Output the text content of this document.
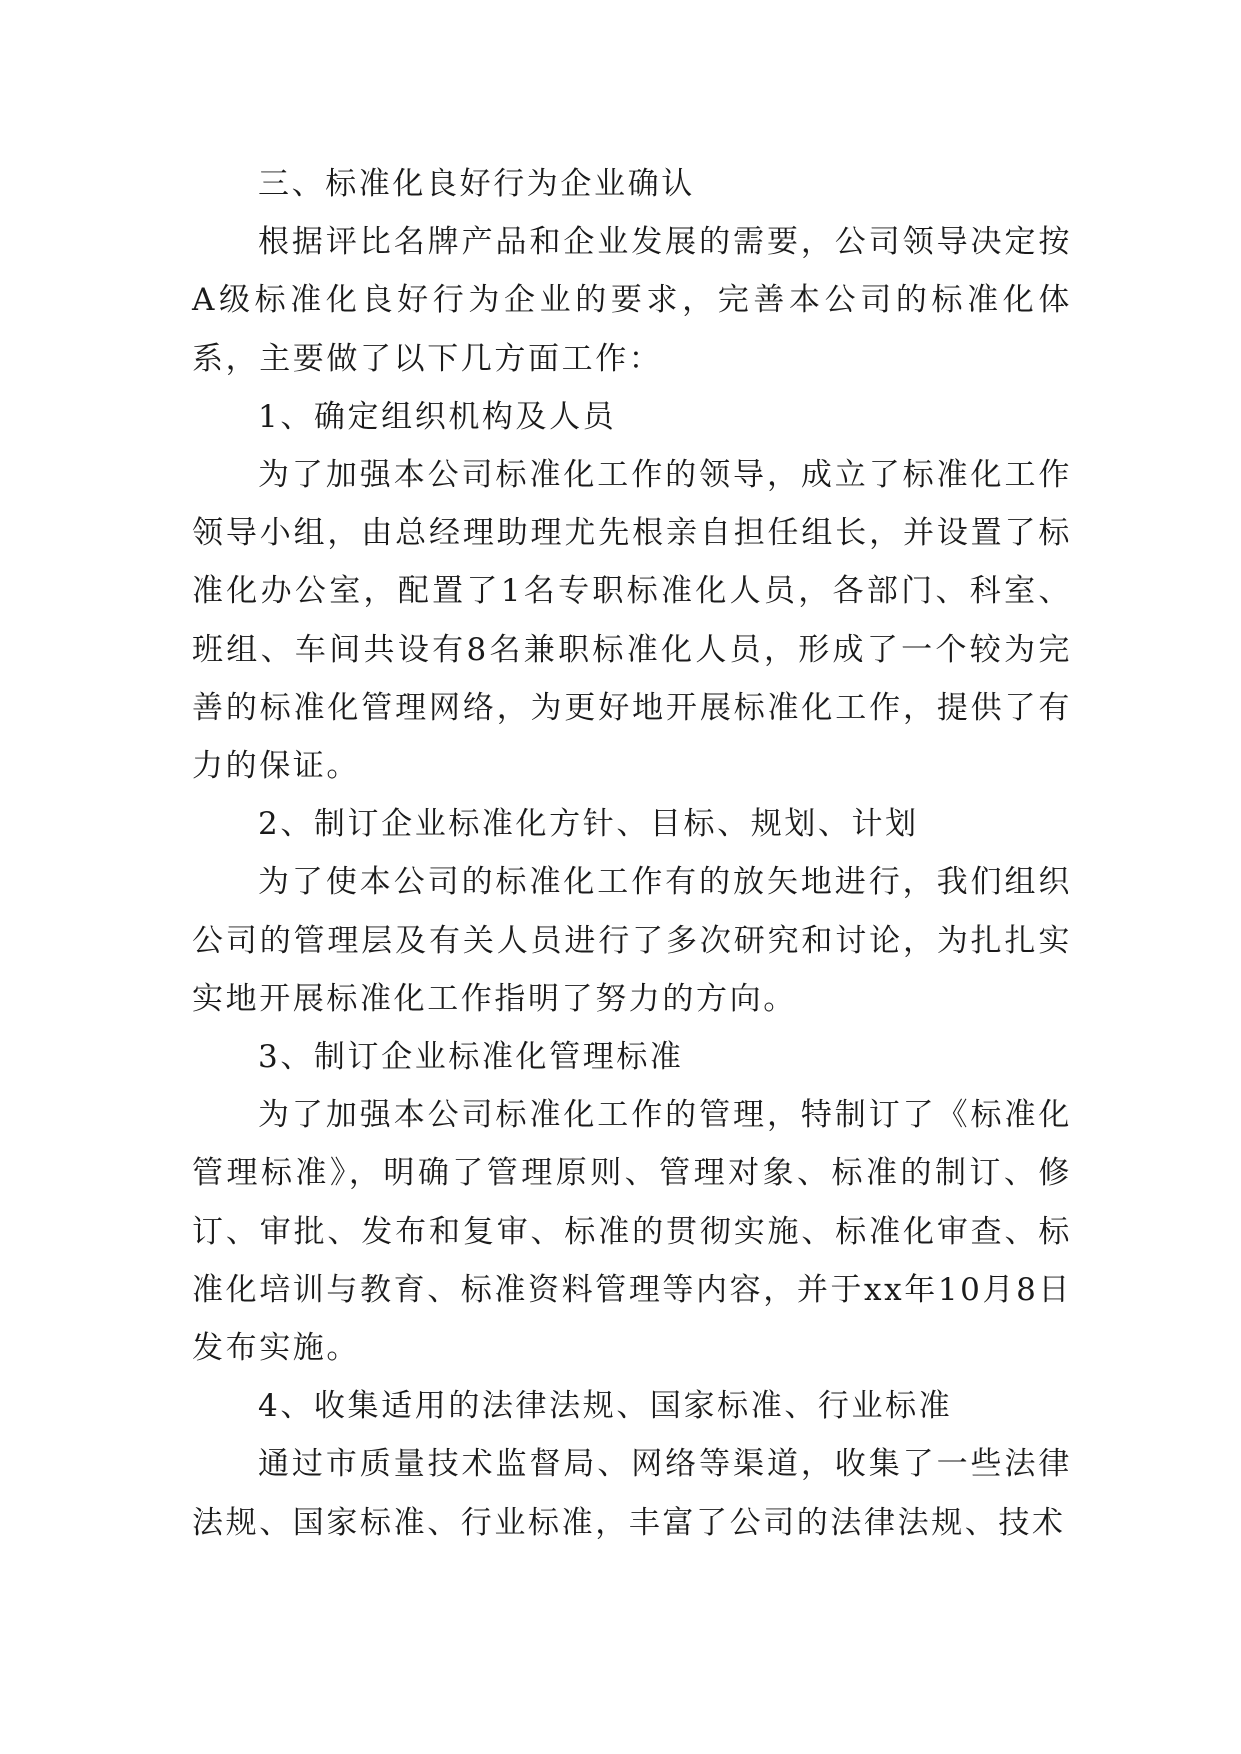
三、标准化良好行为企业确认

根据评比名牌产品和企业发展的需要，公司领导决定按A级标准化良好行为企业的要求，完善本公司的标准化体系，主要做了以下几方面工作：

1、确定组织机构及人员

为了加强本公司标准化工作的领导，成立了标准化工作领导小组，由总经理助理尤先根亲自担任组长，并设置了标准化办公室，配置了1名专职标准化人员，各部门、科室、班组、车间共设有8名兼职标准化人员，形成了一个较为完善的标准化管理网络，为更好地开展标准化工作，提供了有力的保证。

2、制订企业标准化方针、目标、规划、计划

为了使本公司的标准化工作有的放矢地进行，我们组织公司的管理层及有关人员进行了多次研究和讨论，为扎扎实实地开展标准化工作指明了努力的方向。

3、制订企业标准化管理标准

为了加强本公司标准化工作的管理，特制订了《标准化管理标准》，明确了管理原则、管理对象、标准的制订、修订、审批、发布和复审、标准的贯彻实施、标准化审查、标准化培训与教育、标准资料管理等内容，并于xx年10月8日发布实施。

4、收集适用的法律法规、国家标准、行业标准

通过市质量技术监督局、网络等渠道，收集了一些法律法规、国家标准、行业标准，丰富了公司的法律法规、技术
